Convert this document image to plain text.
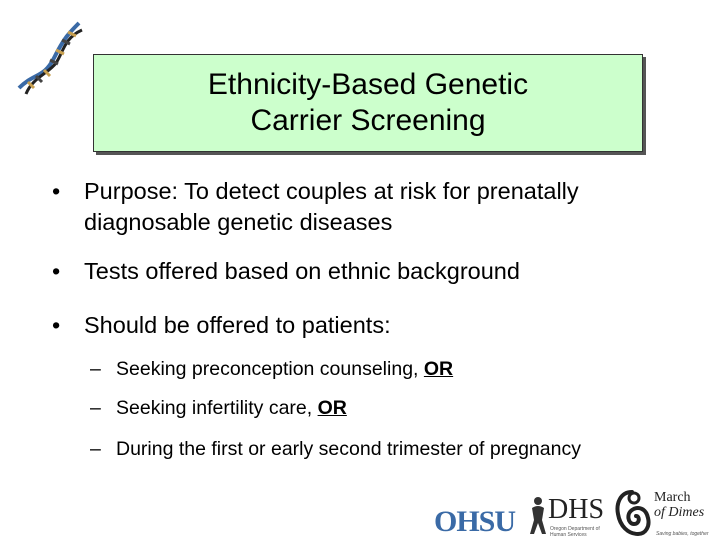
Ethnicity-Based Genetic
Carrier Screening
•	Purpose: To detect couples at risk for prenatally
diagnosable genetic diseases
•	Tests offered based on ethnic background
•	Should be offered to patients:
– Seeking preconception counseling, OR
– Seeking infertility care, OR
– During the first or early second trimester of pregnancy
OHSU DHS
Oregon Department of Human Services
March
of Dimes
Saving babies, together
